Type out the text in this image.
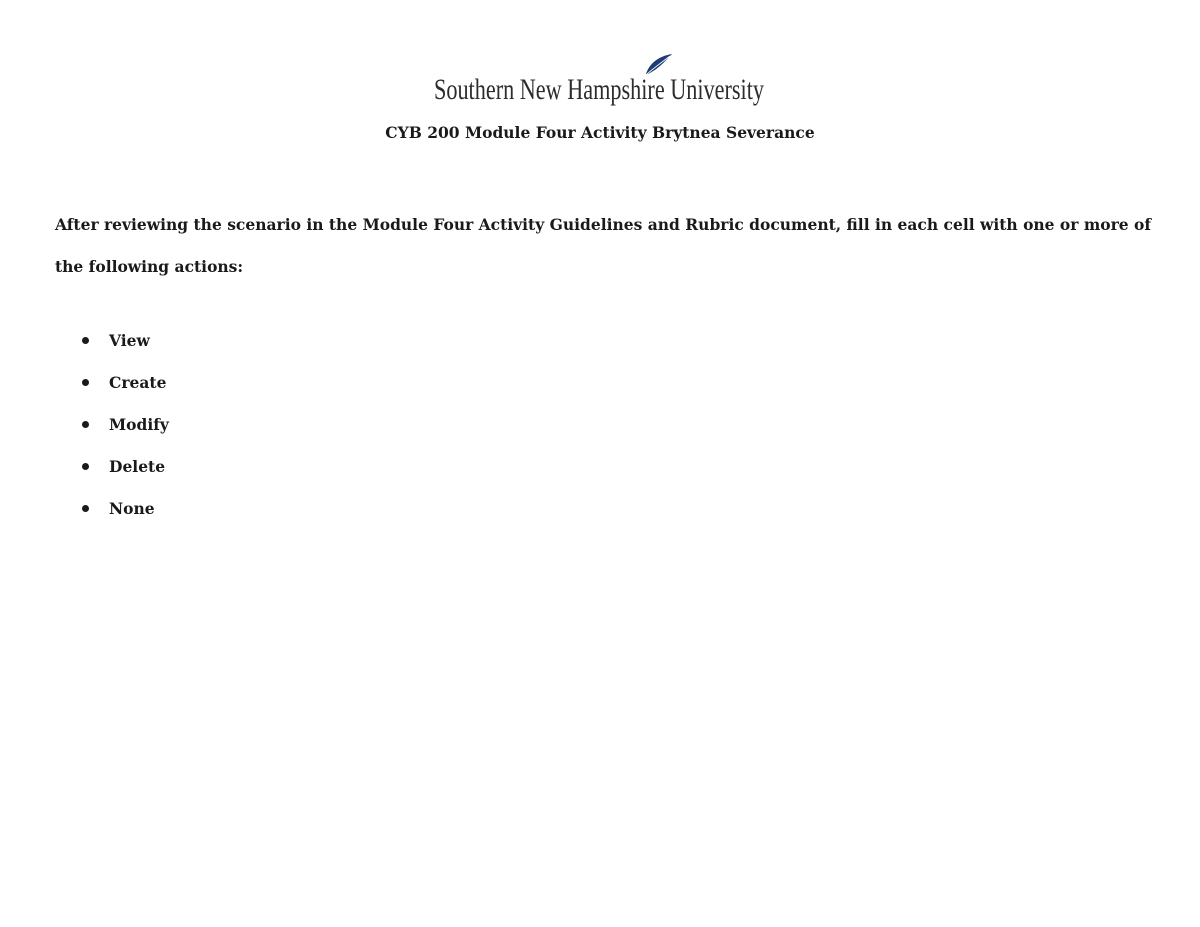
Southern New Hampshire University
CYB 200 Module Four Activity Brytnea Severance

After reviewing the scenario in the Module Four Activity Guidelines and Rubric document, fill in each cell with one or more of the following actions:

View
Create
Modify
Delete
None
